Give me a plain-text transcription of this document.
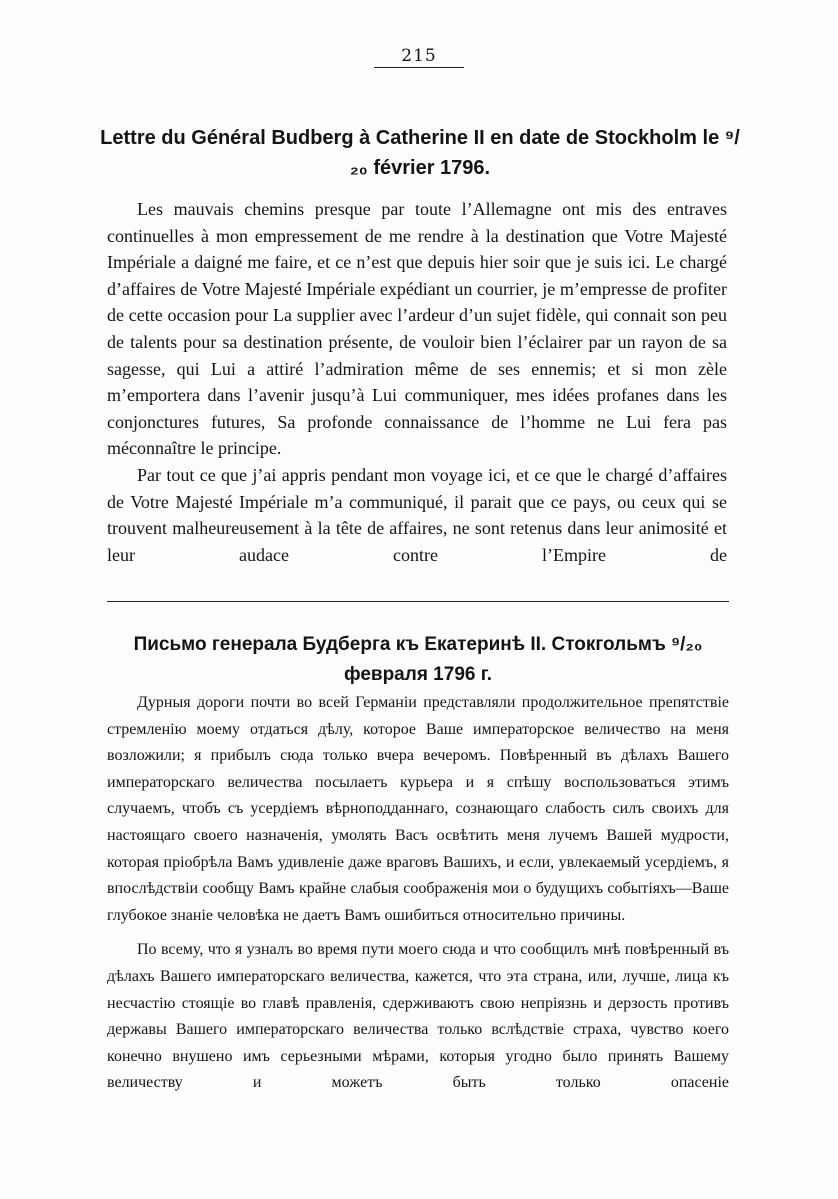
215
Lettre du Général Budberg à Catherine II en date de Stockholm le ⁹/₂₀ février 1796.

Les mauvais chemins presque par toute l’Allemagne ont mis des entraves continuelles à mon empressement de me rendre à la destination que Votre Majesté Impériale a daigné me faire, et ce n’est que depuis hier soir que je suis ici. Le chargé d’affaires de Votre Majesté Impériale expédiant un courrier, je m’empresse de profiter de cette occasion pour La supplier avec l’ardeur d’un sujet fidèle, qui connait son peu de talents pour sa destination présente, de vouloir bien l’éclairer par un rayon de sa sagesse, qui Lui a attiré l’admiration même de ses ennemis; et si mon zèle m’emportera dans l’avenir jusqu’à Lui communiquer, mes idées profanes dans les conjonctures futures, Sa profonde connaissance de l’homme ne Lui fera pas méconnaître le principe.

Par tout ce que j’ai appris pendant mon voyage ici, et ce que le chargé d’affaires de Votre Majesté Impériale m’a communiqué, il parait que ce pays, ou ceux qui se trouvent malheureusement à la tête de affaires, ne sont retenus dans leur animosité et leur audace contre l’Empire de

Письмо генерала Будберга къ Екатеринѣ II. Стокгольмъ ⁹/₂₀ февраля 1796 г.

Дурныя дороги почти во всей Германіи представляли продолжительное препятствіе стремленію моему отдаться дѣлу, которое Ваше императорское величество на меня возложили; я прибылъ сюда только вчера вечеромъ. Повѣренный въ дѣлахъ Вашего императорскаго величества посылаетъ курьера и я спѣшу воспользоваться этимъ случаемъ, чтобъ съ усердіемъ вѣрноподданнаго, сознающаго слабость силъ своихъ для настоящаго своего назначенія, умолять Васъ освѣтить меня лучемъ Вашей мудрости, которая пріобрѣла Вамъ удивленіе даже враговъ Вашихъ, и если, увлекаемый усердіемъ, я впослѣдствіи сообщу Вамъ крайне слабыя соображенія мои о будущихъ событіяхъ—Ваше глубокое знаніе человѣка не даетъ Вамъ ошибиться относительно причины.

По всему, что я узналъ во время пути моего сюда и что сообщилъ мнѣ повѣренный въ дѣлахъ Вашего императорскаго величества, кажется, что эта страна, или, лучше, лица къ несчастію стоящіе во главѣ правленія, сдерживаютъ свою непріязнь и дерзость противъ державы Вашего императорскаго величества только вслѣдствіе страха, чувство коего конечно внушено имъ серьезными мѣрами, которыя угодно было принять Вашему величеству и можетъ быть только опасеніе
